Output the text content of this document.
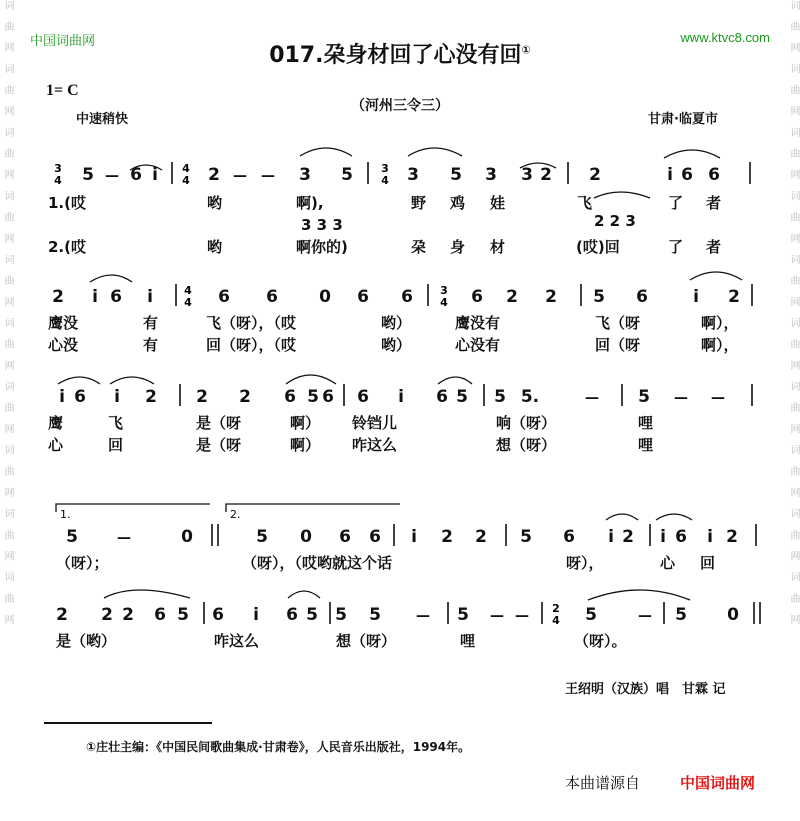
词 曲 网 词 曲 网 词 曲 网 词 曲 网 词 曲 网 词 曲 网 词 曲 网 词 曲 网 词 曲 网 词 曲 网	词 曲 网 词 曲 网 词 曲 网 词 曲 网 词 曲 网 词 曲 网 词 曲 网 词 曲 网 词 曲 网 词 曲 网
中国词曲网	www.ktvc8.com
017.朶身材回了心没有回①
1= C
（河州三令三）
中速稍快	甘肃·临夏市
3
4 5 — 6 i 4
4 2 — — 3 5	3
4 3 5 3 3 2 2	i 6 6
2 i 6 i	4
4 6 6 0 6 6 3
4 6 2 2 5 6	i 2
i 6 i 2 2 2 6 5 6 6 i 6 5 5 5.	— 5 — —
5	—	0	5 0 6 6 i 2 2 5 6 i 2 i 6 i 2
2 2 2 6 5 6 i 6 5 5 5	— 5 — — 2
4 5	— 5 0
1.(哎	哟	啊),	野 鸡 娃	飞	了 者
3 3 3	2 2 3
2.(哎	哟	啊你的)	朶 身 材	(哎)回	了 者
鹰没	有	飞（呀），（哎	哟）	鹰没有	飞（呀	啊），
心没	有	回（呀），（哎	哟）	心没有	回（呀	啊），
鹰	飞	是（呀	啊） 铃铛儿	响（呀）	哩
心	回	是（呀	啊） 咋这么	想（呀）	哩
（呀）；	（呀），（哎哟就这个话	呀），	心 回
是（哟）	咋这么	想（呀）	哩	（呀）。
1.	2.
王绍明（汉族）唱　甘霖 记
①庄壮主编：《中国民间歌曲集成·甘肃卷》，人民音乐出版社，1994年。
本曲谱源自	中国词曲网
